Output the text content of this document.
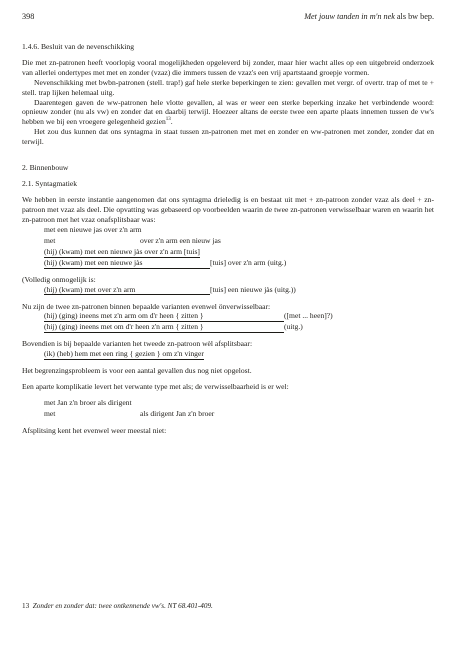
398	Met jouw tanden in m'n nek als bw bep.
1.4.6. Besluit van de nevenschikking

Die met zn-patronen heeft voorlopig vooral mogelijkheden opgeleverd bij zonder, maar hier wacht alles op een uitgebreid onderzoek van allerlei ondertypes met met en zonder (vzaz) die immers tussen de vzaz's een vrij apartstaand groepje vormen.

Nevenschikking met bwbn-patronen (stell. trap!) gaf hele sterke beperkingen te zien: gevallen met vergr. of overtr. trap of met te + stell. trap lijken helemaal uitg.

Daarentegen gaven de ww-patronen hele vlotte gevallen, al was er weer een sterke beperking inzake het verbindende woord: opnieuw zonder (nu als vw) en zonder dat en daarbij terwijl. Hoezeer altans de eerste twee een aparte plaats innemen tussen de vw's hebben we bij een vroegere gelegenheid gezien$^{13}$.

Het zou dus kunnen dat ons syntagma in staat tussen zn-patronen met met en zonder en ww-patronen met zonder, zonder dat en terwijl.

2. Binnenbouw
2.1. Syntagmatiek

We hebben in eerste instantie aangenomen dat ons syntagma drieledig is en bestaat uit met + zn-patroon zonder vzaz als deel + zn-patroon met vzaz als deel. Die opvatting was gebaseerd op voorbeelden waarin de twee zn-patronen verwisselbaar waren en waarin het zn-patroon met het vzaz onafsplitsbaar was:

met een nieuwe jas over z'n arm
met	over z'n arm een nieuw jas
(hij) (kwam) met een nieuwe jàs over z'n arm [tuis]
(hij) (kwam) met een nieuwe jàs	[tuis] over z'n arm (uitg.)

(Volledig onmogelijk is:

(hij) (kwam) met over z'n arm	[tuis] een nieuwe jàs (uitg.))

Nu zijn de twee zn-patronen binnen bepaalde varianten evenwel önverwisselbaar:

(hij) (ging) ineens met z'n arm om d'r heen { zitten }	([met ... heen]?)
(hij) (ging) ineens met om d'r heen z'n arm { zitten }	(uitg.)

Bovendien is bij bepaalde varianten het tweede zn-patroon wèl afsplitsbaar:

(ik) (heb) hem met een ring { gezien } om z'n vinger

Het begrenzingsprobleem is voor een aantal gevallen dus nog niet opgelost.

Een aparte komplikatie levert het verwante type met als; de verwisselbaarheid is er wel:

met Jan z'n broer als dirigent
met	als dirigent Jan z'n broer

Afsplitsing kent het evenwel weer meestal niet:

13 Zonder en zonder dat: twee ontkennende vw's. NT 68.401-409.
